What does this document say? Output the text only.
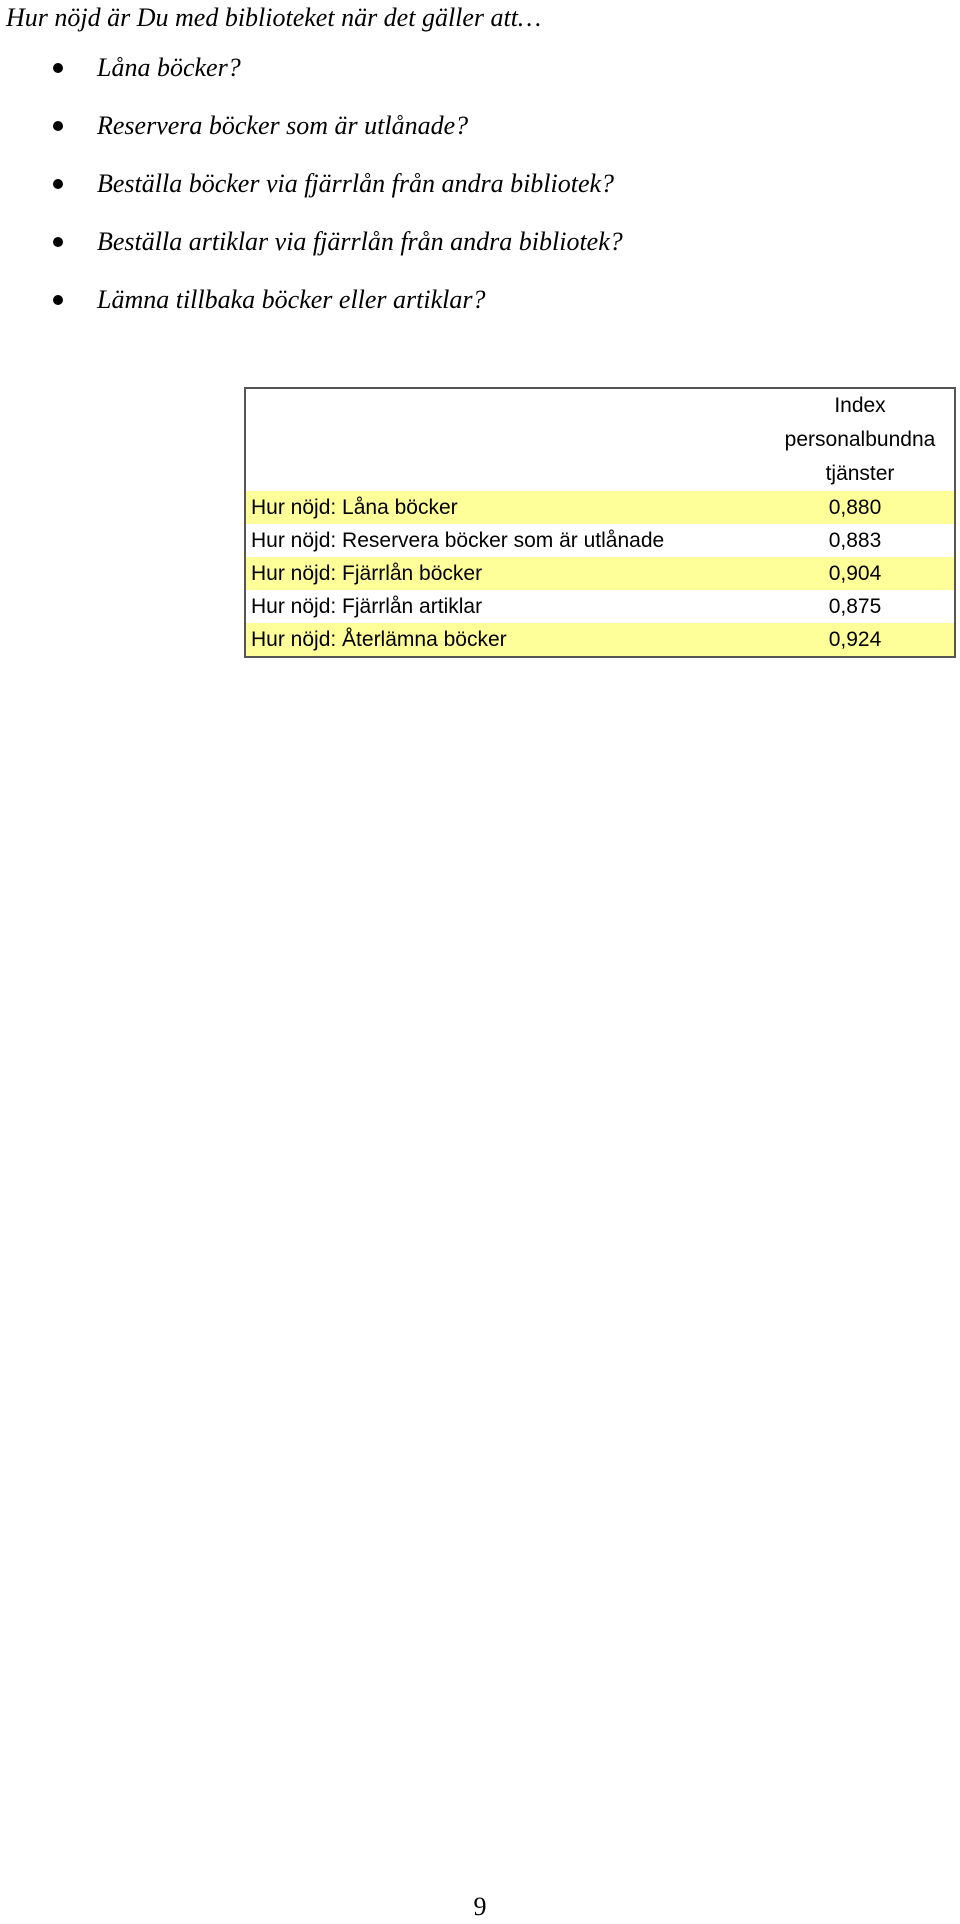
Hur nöjd är Du med biblioteket när det gäller att…
Låna böcker?
Reservera böcker som är utlånade?
Beställa böcker via fjärrlån från andra bibliotek?
Beställa artiklar via fjärrlån från andra bibliotek?
Lämna tillbaka böcker eller artiklar?
	Index
personalbundna
tjänster
Hur nöjd: Låna böcker	0,880
Hur nöjd: Reservera böcker som är utlånade	0,883
Hur nöjd: Fjärrlån böcker	0,904
Hur nöjd: Fjärrlån artiklar	0,875
Hur nöjd: Återlämna böcker	0,924
9
